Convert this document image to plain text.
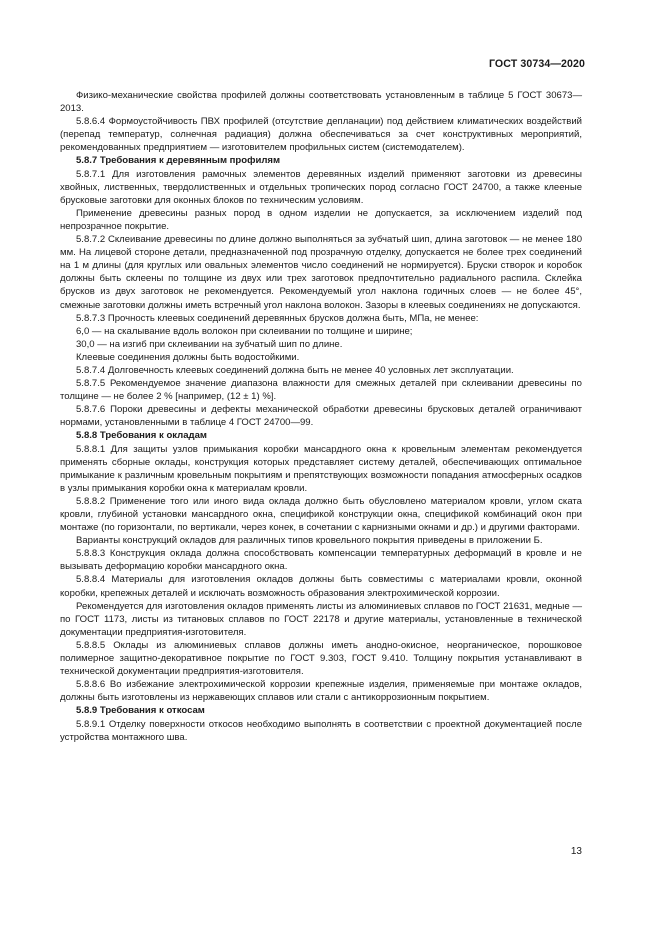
ГОСТ 30734—2020

Физико-механические свойства профилей должны соответствовать установленным в таблице 5 ГОСТ 30673—2013.

5.8.6.4 Формоустойчивость ПВХ профилей (отсутствие депланации) под действием климатических воздействий (перепад температур, солнечная радиация) должна обеспечиваться за счет конструктивных мероприятий, рекомендованных предприятием — изготовителем профильных систем (системодателем).

5.8.7 Требования к деревянным профилям

5.8.7.1 Для изготовления рамочных элементов деревянных изделий применяют заготовки из древесины хвойных, лиственных, твердолиственных и отдельных тропических пород согласно ГОСТ 24700, а также клееные брусковые заготовки для оконных блоков по техническим условиям.

Применение древесины разных пород в одном изделии не допускается, за исключением изделий под непрозрачное покрытие.

5.8.7.2 Склеивание древесины по длине должно выполняться за зубчатый шип, длина заготовок — не менее 180 мм. На лицевой стороне детали, предназначенной под прозрачную отделку, допускается не более трех соединений на 1 м длины (для круглых или овальных элементов число соединений не нормируется). Бруски створок и коробок должны быть склеены по толщине из двух или трех заготовок предпочтительно радиального распила. Склейка брусков из двух заготовок не рекомендуется. Рекомендуемый угол наклона годичных слоев — не более 45°, смежные заготовки должны иметь встречный угол наклона волокон. Зазоры в клеевых соединениях не допускаются.

5.8.7.3 Прочность клеевых соединений деревянных брусков должна быть, МПа, не менее:

6,0 — на скалывание вдоль волокон при склеивании по толщине и ширине;

30,0 — на изгиб при склеивании на зубчатый шип по длине.

Клеевые соединения должны быть водостойкими.

5.8.7.4 Долговечность клеевых соединений должна быть не менее 40 условных лет эксплуатации.

5.8.7.5 Рекомендуемое значение диапазона влажности для смежных деталей при склеивании древесины по толщине — не более 2 % [например, (12 ± 1) %].

5.8.7.6 Пороки древесины и дефекты механической обработки древесины брусковых деталей ограничивают нормами, установленными в таблице 4 ГОСТ 24700—99.

5.8.8 Требования к окладам

5.8.8.1 Для защиты узлов примыкания коробки мансардного окна к кровельным элементам рекомендуется применять сборные оклады, конструкция которых представляет систему деталей, обеспечивающих оптимальное примыкание к различным кровельным покрытиям и препятствующих возможности попадания атмосферных осадков в узлы примыкания коробки окна к материалам кровли.

5.8.8.2 Применение того или иного вида оклада должно быть обусловлено материалом кровли, углом ската кровли, глубиной установки мансардного окна, спецификой конструкции окна, спецификой комбинаций окон при монтаже (по горизонтали, по вертикали, через конек, в сочетании с карнизными окнами и др.) и другими факторами.

Варианты конструкций окладов для различных типов кровельного покрытия приведены в приложении Б.

5.8.8.3 Конструкция оклада должна способствовать компенсации температурных деформаций в кровле и не вызывать деформацию коробки мансардного окна.

5.8.8.4 Материалы для изготовления окладов должны быть совместимы с материалами кровли, оконной коробки, крепежных деталей и исключать возможность образования электрохимической коррозии.

Рекомендуется для изготовления окладов применять листы из алюминиевых сплавов по ГОСТ 21631, медные — по ГОСТ 1173, листы из титановых сплавов по ГОСТ 22178 и другие материалы, установленные в технической документации предприятия-изготовителя.

5.8.8.5 Оклады из алюминиевых сплавов должны иметь анодно-окисное, неорганическое, порошковое полимерное защитно-декоративное покрытие по ГОСТ 9.303, ГОСТ 9.410. Толщину покрытия устанавливают в технической документации предприятия-изготовителя.

5.8.8.6 Во избежание электрохимической коррозии крепежные изделия, применяемые при монтаже окладов, должны быть изготовлены из нержавеющих сплавов или стали с антикоррозионным покрытием.

5.8.9 Требования к откосам

5.8.9.1 Отделку поверхности откосов необходимо выполнять в соответствии с проектной документацией после устройства монтажного шва.

13
